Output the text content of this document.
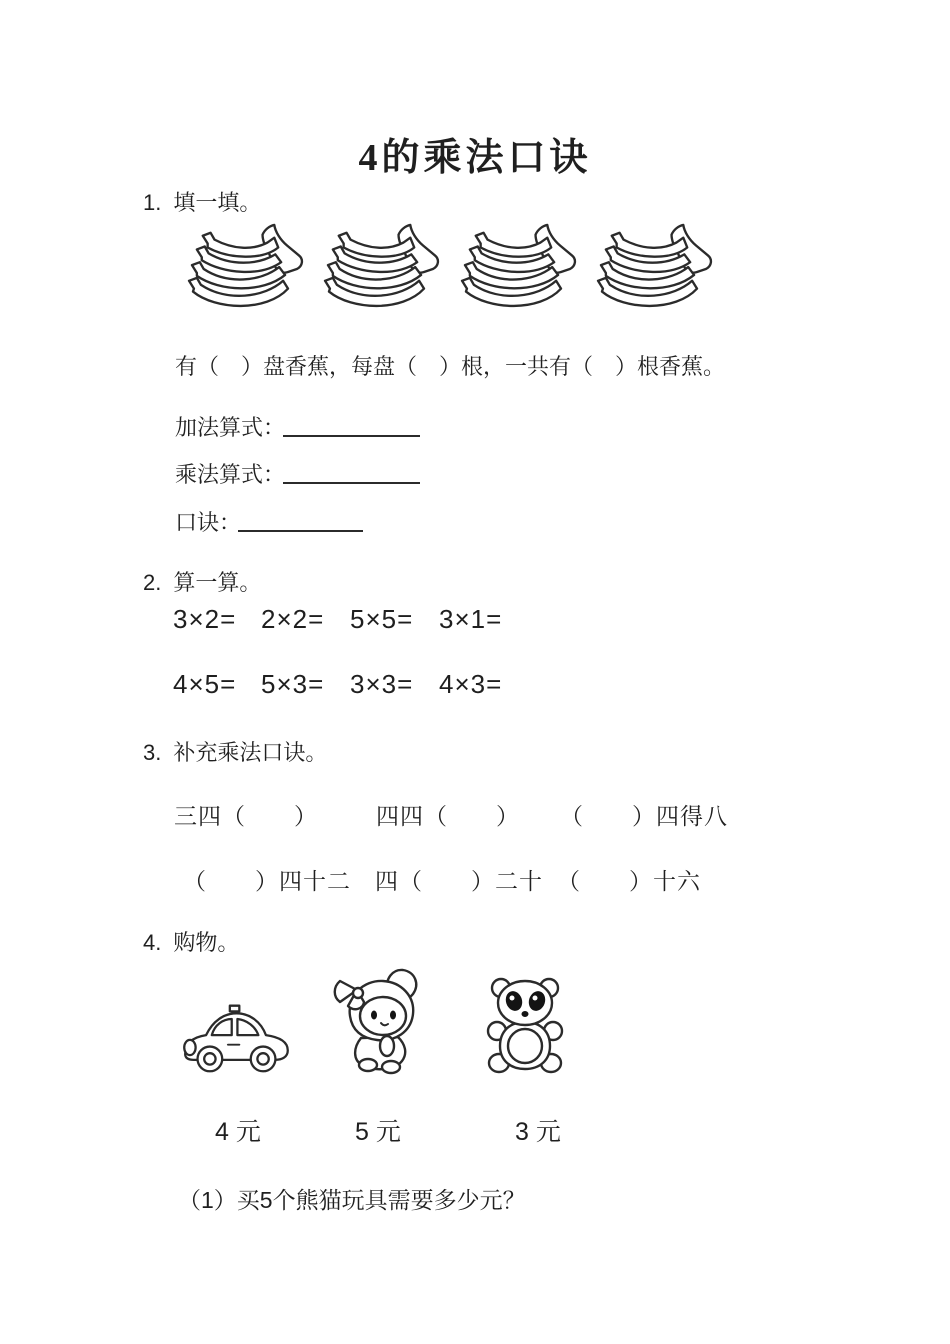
4的乘法口诀
1. 填一填。
有（　）盘香蕉，每盘（　）根，一共有（　）根香蕉。
加法算式：
乘法算式：
口诀：
2. 算一算。
3×2= 2×2= 5×5= 3×1=
4×5= 5×3= 3×3= 4×3=
3. 补充乘法口诀。
三四（　　）	四四（　　） （　　）四得八
（　　）四十二 四（　　）二十 （　　）十六
4. 购物。
4 元	5 元	3 元
（1）买5个熊猫玩具需要多少元？
